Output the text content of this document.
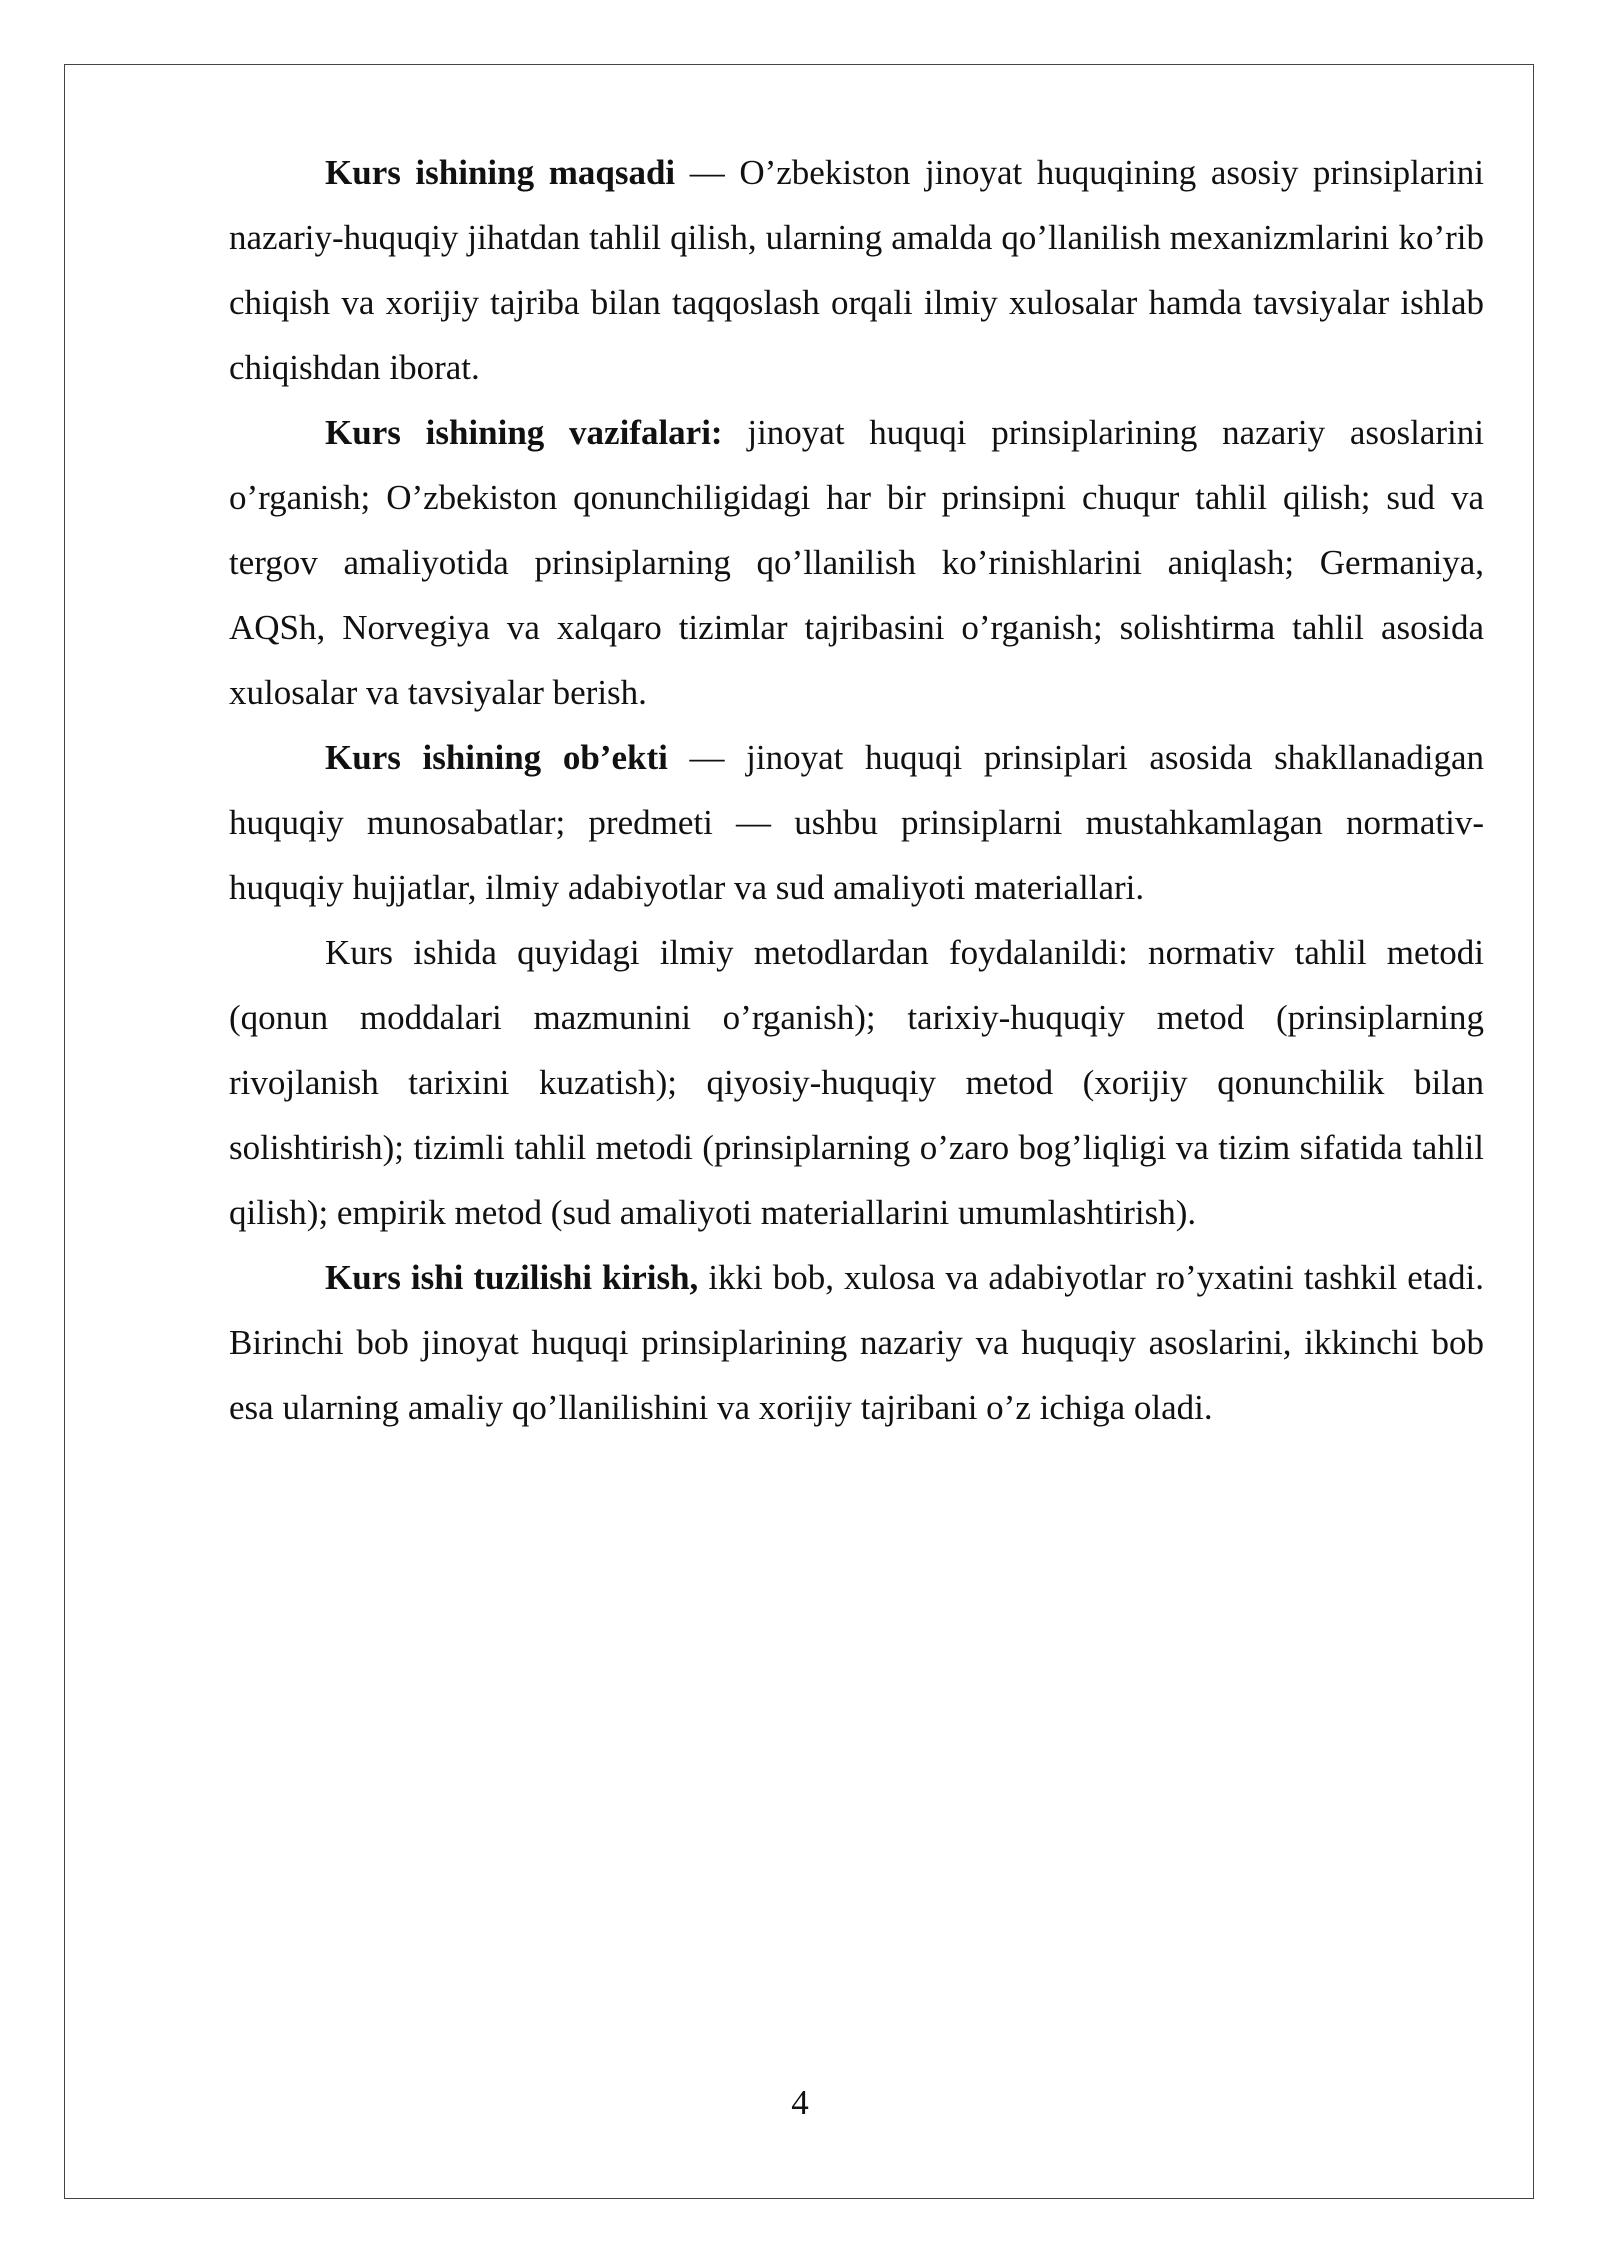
Kurs ishining maqsadi — O’zbekiston jinoyat huquqining asosiy prinsiplarini nazariy-huquqiy jihatdan tahlil qilish, ularning amalda qo’llanilish mexanizmlarini ko’rib chiqish va xorijiy tajriba bilan taqqoslash orqali ilmiy xulosalar hamda tavsiyalar ishlab chiqishdan iborat.

Kurs ishining vazifalari: jinoyat huquqi prinsiplarining nazariy asoslarini o’rganish; O’zbekiston qonunchiligidagi har bir prinsipni chuqur tahlil qilish; sud va tergov amaliyotida prinsiplarning qo’llanilish ko’rinishlarini aniqlash; Germaniya, AQSh, Norvegiya va xalqaro tizimlar tajribasini o’rganish; solishtirma tahlil asosida xulosalar va tavsiyalar berish.

Kurs ishining ob’ekti — jinoyat huquqi prinsiplari asosida shakllanadigan huquqiy munosabatlar; predmeti — ushbu prinsiplarni mustahkamlagan normativ-huquqiy hujjatlar, ilmiy adabiyotlar va sud amaliyoti materiallari.

Kurs ishida quyidagi ilmiy metodlardan foydalanildi: normativ tahlil metodi (qonun moddalari mazmunini o’rganish); tarixiy-huquqiy metod (prinsiplarning rivojlanish tarixini kuzatish); qiyosiy-huquqiy metod (xorijiy qonunchilik bilan solishtirish); tizimli tahlil metodi (prinsiplarning o’zaro bog’liqligi va tizim sifatida tahlil qilish); empirik metod (sud amaliyoti materiallarini umumlashtirish).

Kurs ishi tuzilishi kirish, ikki bob, xulosa va adabiyotlar ro’yxatini tashkil etadi. Birinchi bob jinoyat huquqi prinsiplarining nazariy va huquqiy asoslarini, ikkinchi bob esa ularning amaliy qo’llanilishini va xorijiy tajribani o’z ichiga oladi.

4
